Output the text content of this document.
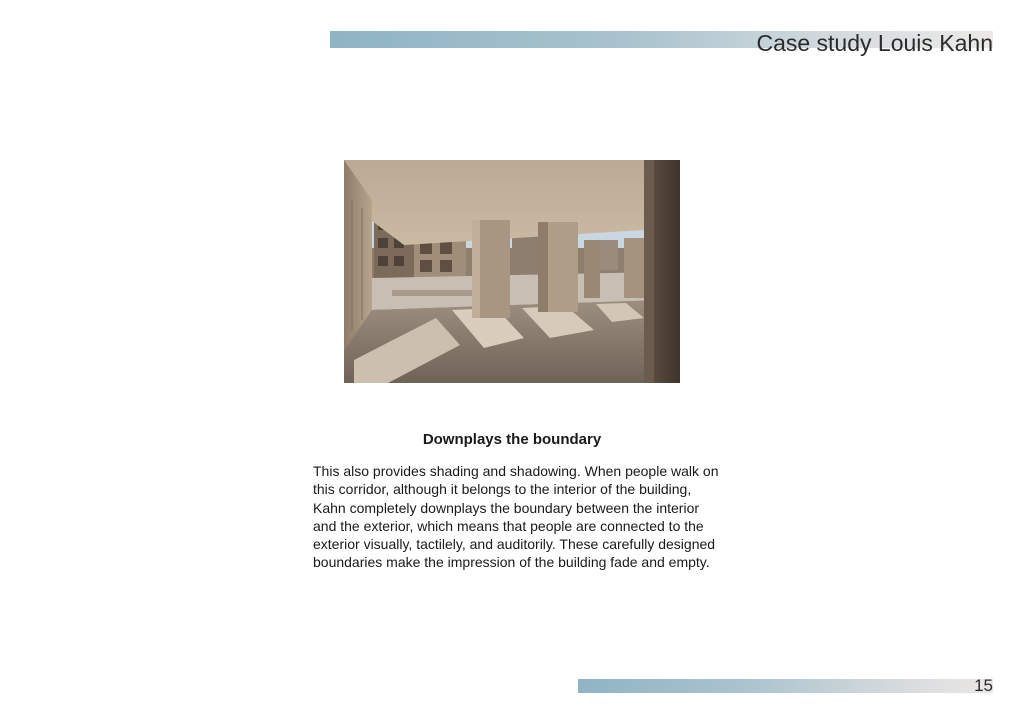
Case study Louis Kahn
Downplays the boundary

This also provides shading and shadowing. When people walk on this corridor, although it belongs to the interior of the building, Kahn completely downplays the boundary between the interior and the exterior, which means that people are connected to the exterior visually, tactilely, and auditorily. These carefully designed boundaries make the impression of the building fade and empty.

15
